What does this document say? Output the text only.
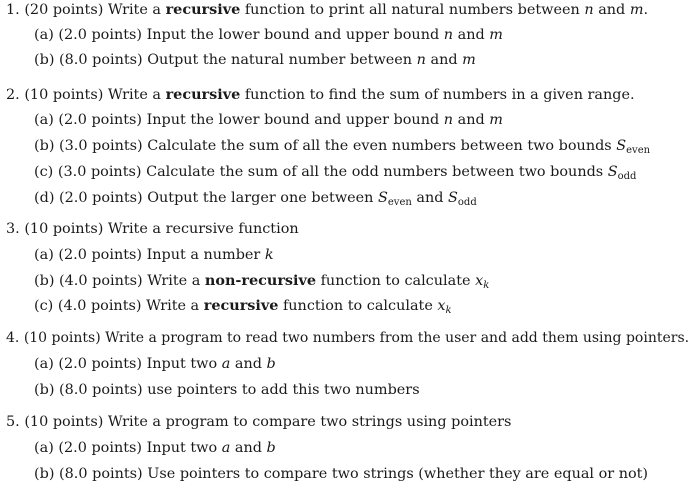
1. (20 points) Write a recursive function to print all natural numbers between n and m.
(a) (2.0 points) Input the lower bound and upper bound n and m
(b) (8.0 points) Output the natural number between n and m
2. (10 points) Write a recursive function to find the sum of numbers in a given range.
(a) (2.0 points) Input the lower bound and upper bound n and m
(b) (3.0 points) Calculate the sum of all the even numbers between two bounds $S_{even}$
(c) (3.0 points) Calculate the sum of all the odd numbers between two bounds $S_{odd}$
(d) (2.0 points) Output the larger one between $S_{even}$ and $S_{odd}$
3. (10 points) Write a recursive function
(a) (2.0 points) Input a number k
(b) (4.0 points) Write a non-recursive function to calculate $x_k$
(c) (4.0 points) Write a recursive function to calculate $x_k$
4. (10 points) Write a program to read two numbers from the user and add them using pointers.
(a) (2.0 points) Input two a and b
(b) (8.0 points) use pointers to add this two numbers
5. (10 points) Write a program to compare two strings using pointers
(a) (2.0 points) Input two a and b
(b) (8.0 points) Use pointers to compare two strings (whether they are equal or not)
